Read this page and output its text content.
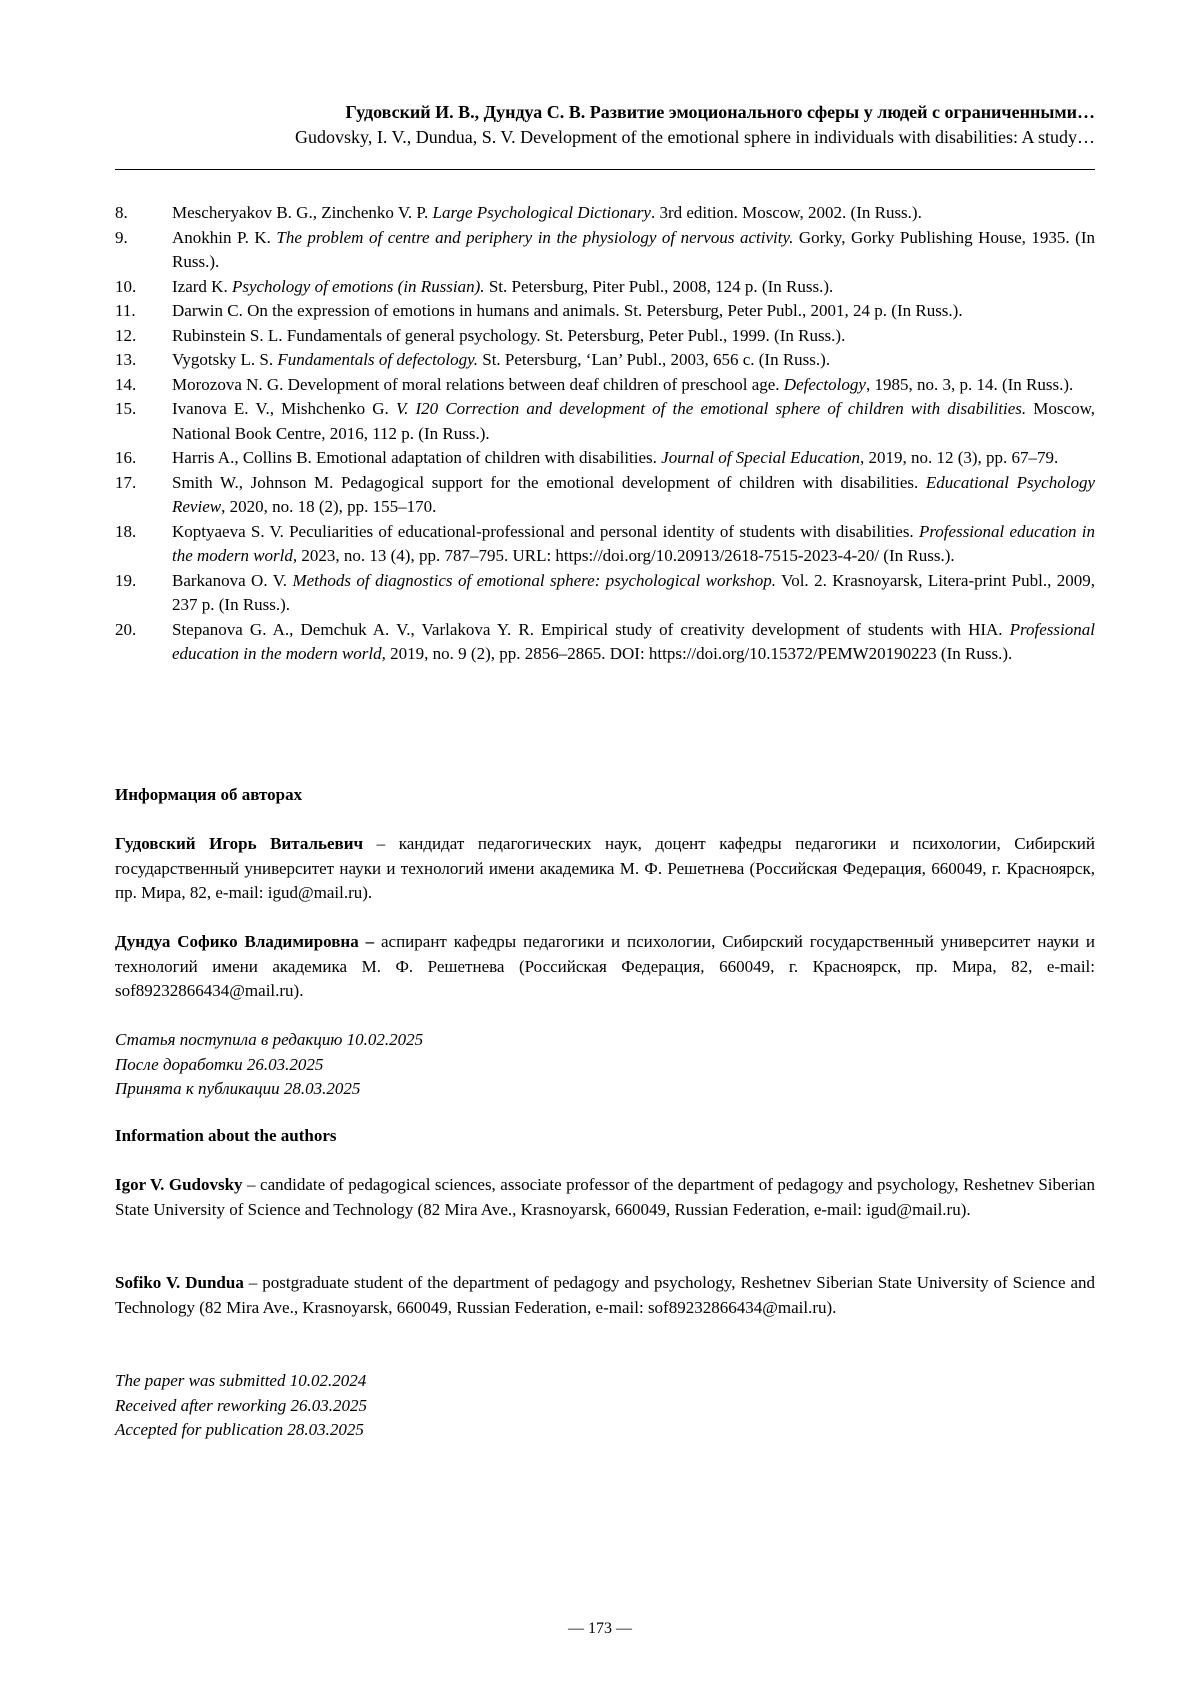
Гудовский И. В., Дундуа С. В. Развитие эмоционального сферы у людей с ограниченными…
Gudovsky, I. V., Dundua, S. V. Development of the emotional sphere in individuals with disabilities: A study…
8.	Mescheryakov B. G., Zinchenko V. P. Large Psychological Dictionary. 3rd edition. Moscow, 2002. (In Russ.).
9.	Anokhin P. K. The problem of centre and periphery in the physiology of nervous activity. Gorky, Gorky Publishing House, 1935. (In Russ.).
10. Izard K. Psychology of emotions (in Russian). St. Petersburg, Piter Publ., 2008, 124 p. (In Russ.).
11. Darwin C. On the expression of emotions in humans and animals. St. Petersburg, Peter Publ., 2001, 24 p. (In Russ.).
12. Rubinstein S. L. Fundamentals of general psychology. St. Petersburg, Peter Publ., 1999. (In Russ.).
13. Vygotsky L. S. Fundamentals of defectology. St. Petersburg, ‘Lan’ Publ., 2003, 656 c. (In Russ.).
14. Morozova N. G. Development of moral relations between deaf children of preschool age. Defectology, 1985, no. 3, p. 14. (In Russ.).
15. Ivanova E. V., Mishchenko G. V. I20 Correction and development of the emotional sphere of children with disabilities. Moscow, National Book Centre, 2016, 112 p. (In Russ.).
16. Harris A., Collins B. Emotional adaptation of children with disabilities. Journal of Special Education, 2019, no. 12 (3), pp. 67–79.
17. Smith W., Johnson M. Pedagogical support for the emotional development of children with disabilities. Educational Psychology Review, 2020, no. 18 (2), pp. 155–170.
18. Koptyaeva S. V. Peculiarities of educational-professional and personal identity of students with disabilities. Professional education in the modern world, 2023, no. 13 (4), pp. 787–795. URL: https://doi.org/10.20913/2618-7515-2023-4-20/ (In Russ.).
19. Barkanova O. V. Methods of diagnostics of emotional sphere: psychological workshop. Vol. 2. Krasnoyarsk, Litera-print Publ., 2009, 237 p. (In Russ.).
20. Stepanova G. A., Demchuk A. V., Varlakova Y. R. Empirical study of creativity development of students with HIA. Professional education in the modern world, 2019, no. 9 (2), pp. 2856–2865. DOI: https://doi.org/10.15372/PEMW20190223 (In Russ.).
Информация об авторах
Гудовский Игорь Витальевич – кандидат педагогических наук, доцент кафедры педагогики и психологии, Сибирский государственный университет науки и технологий имени академика М. Ф. Решетнева (Российская Федерация, 660049, г. Красноярск, пр. Мира, 82, e-mail: igud@mail.ru).
Дундуа Софико Владимировна – аспирант кафедры педагогики и психологии, Сибирский государственный университет науки и технологий имени академика М. Ф. Решетнева (Российская Федерация, 660049, г. Красноярск, пр. Мира, 82, e-mail: sof89232866434@mail.ru).
Статья поступила в редакцию 10.02.2025
После доработки 26.03.2025
Принята к публикации 28.03.2025
Information about the authors
Igor V. Gudovsky – candidate of pedagogical sciences, associate professor of the department of pedagogy and psychology, Reshetnev Siberian State University of Science and Technology (82 Mira Ave., Krasnoyarsk, 660049, Russian Federation, e-mail: igud@mail.ru).
Sofiko V. Dundua – postgraduate student of the department of pedagogy and psychology, Reshetnev Siberian State University of Science and Technology (82 Mira Ave., Krasnoyarsk, 660049, Russian Federation, e-mail: sof89232866434@mail.ru).
The paper was submitted 10.02.2024
Received after reworking 26.03.2025
Accepted for publication 28.03.2025
— 173 —
